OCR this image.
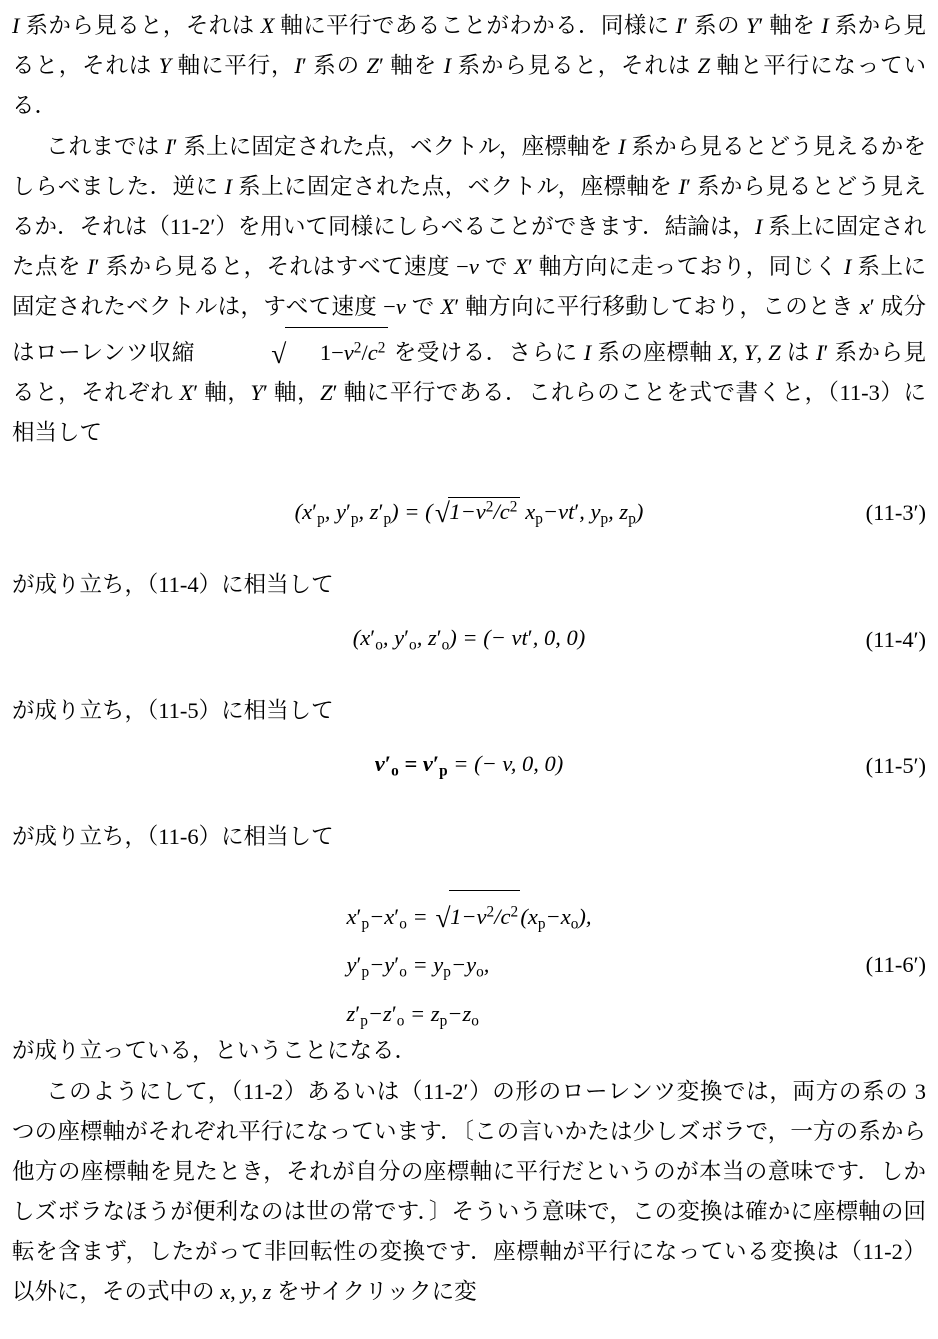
I 系から見ると，それは X 軸に平行であることがわかる．同様に I′ 系の Y′ 軸を I 系から見ると，それは Y 軸に平行，I′ 系の Z′ 軸を I 系から見ると，それは Z 軸と平行になっている．
これまでは I′ 系上に固定された点，ベクトル，座標軸を I 系から見るとどう見えるかをしらべました．逆に I 系上に固定された点，ベクトル，座標軸を I′ 系から見るとどう見えるか．それは（11-2′）を用いて同様にしらべることができます．結論は，I 系上に固定された点を I′ 系から見ると，それはすべて速度 −v で X′ 軸方向に走っており，同じく I 系上に固定されたベクトルは，すべて速度 −v で X′ 軸方向に平行移動しており，このとき x′ 成分はローレンツ収縮	√ $1-v^2/c^2$ を受ける．さらに I 系の座標軸 X, Y, Z は I′ 系から見ると，それぞれ X′ 軸，Y′ 軸，Z′ 軸に平行である．これらのことを式で書くと，（11-3）に相当して
($x'_p$, $y'_p$, $z'_p) = (√1-v^2/c^2$ $x_p-vt'$, $y_p$, $z_p$)	(11-3′)
が成り立ち，（11-4）に相当して
($x'_o$, $y'_o$, $z'_o$) = (− vt′, 0, 0)	(11-4′)
が成り立ち，（11-5）に相当して
$v'_o = v'_p$ = (− v, 0, 0)	(11-5′)
が成り立ち，（11-6）に相当して
$x'_p-x'_o = √1-v^2/c^2$ $(x_p-x_o)$,
$y'_p-y'_o = y_p-y_o$,
$z'_p-z'_o = z_p-z_o$
(11-6′)
が成り立っている，ということになる．
このようにして，（11-2）あるいは（11-2′）の形のローレンツ変換では，両方の系の 3 つの座標軸がそれぞれ平行になっています．〔この言いかたは少しズボラで，一方の系から他方の座標軸を見たとき，それが自分の座標軸に平行だというのが本当の意味です．しかしズボラなほうが便利なのは世の常です．〕そういう意味で，この変換は確かに座標軸の回転を含まず，したがって非回転性の変換です．座標軸が平行になっている変換は（11-2）以外に，その式中の x, y, z をサイクリックに変
